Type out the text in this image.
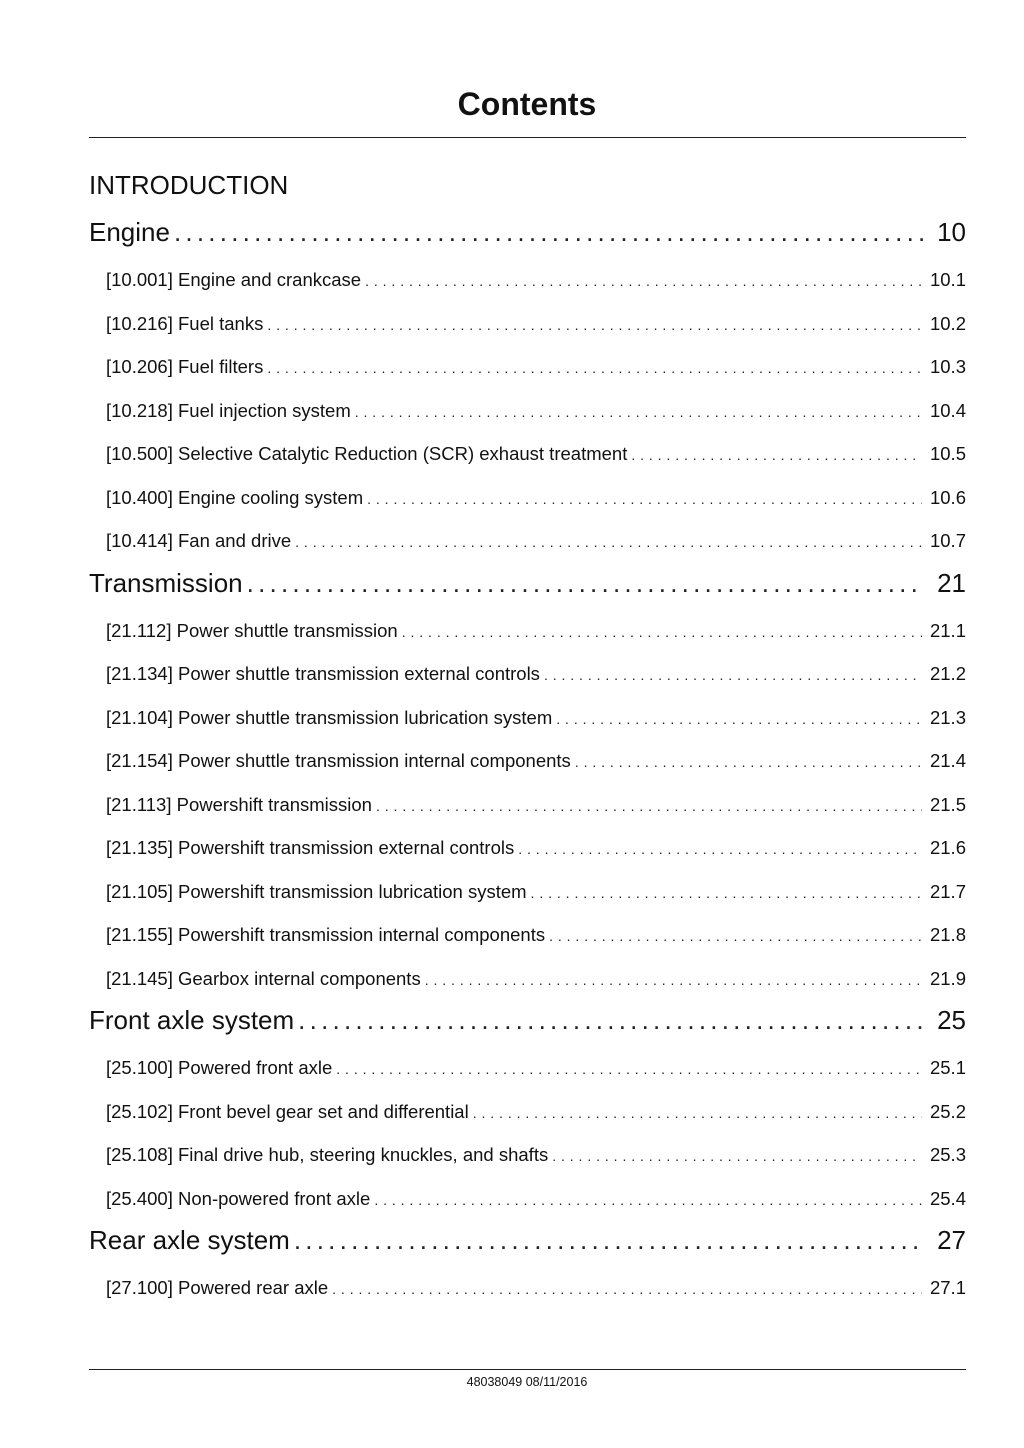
Contents
INTRODUCTION
Engine . . .	10
[10.001] Engine and crankcase . . .	10.1
[10.216] Fuel tanks . . .	10.2
[10.206] Fuel filters . . .	10.3
[10.218] Fuel injection system . . .	10.4
[10.500] Selective Catalytic Reduction (SCR) exhaust treatment . . .	10.5
[10.400] Engine cooling system . . .	10.6
[10.414] Fan and drive . . .	10.7
Transmission . . .	21
[21.112] Power shuttle transmission . . .	21.1
[21.134] Power shuttle transmission external controls . . .	21.2
[21.104] Power shuttle transmission lubrication system . . .	21.3
[21.154] Power shuttle transmission internal components . . .	21.4
[21.113] Powershift transmission . . .	21.5
[21.135] Powershift transmission external controls . . .	21.6
[21.105] Powershift transmission lubrication system . . .	21.7
[21.155] Powershift transmission internal components . . .	21.8
[21.145] Gearbox internal components . . .	21.9
Front axle system . . .	25
[25.100] Powered front axle . . .	25.1
[25.102] Front bevel gear set and differential . . .	25.2
[25.108] Final drive hub, steering knuckles, and shafts . . .	25.3
[25.400] Non-powered front axle . . .	25.4
Rear axle system . . .	27
[27.100] Powered rear axle . . .	27.1
48038049 08/11/2016
